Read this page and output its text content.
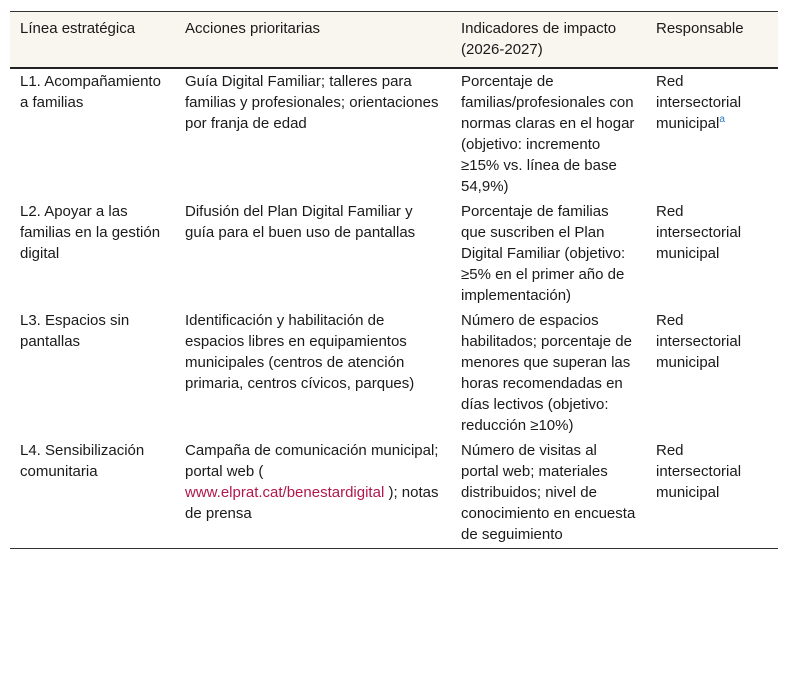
Línea estratégica	Acciones prioritarias	Indicadores de impacto (2026-2027)	Responsable
L1. Acompañamiento a familias	Guía Digital Familiar; talleres para familias y profesionales; orientaciones por franja de edad	Porcentaje de familias/profesionales con normas claras en el hogar (objetivo: incremento ≥15% vs. línea de base 54,9%)	Red intersectorial municipal$^a$
L2. Apoyar a las familias en la gestión digital	Difusión del Plan Digital Familiar y guía para el buen uso de pantallas	Porcentaje de familias que suscriben el Plan Digital Familiar (objetivo: ≥5% en el primer año de implementación)	Red intersectorial municipal
L3. Espacios sin pantallas	Identificación y habilitación de espacios libres en equipamientos municipales (centros de atención primaria, centros cívicos, parques)	Número de espacios habilitados; porcentaje de menores que superan las horas recomendadas en días lectivos (objetivo: reducción ≥10%)	Red intersectorial municipal
L4. Sensibilización comunitaria	Campaña de comunicación municipal; portal web ( www.elprat.cat/benestardigital ); notas de prensa	Número de visitas al portal web; materiales distribuidos; nivel de conocimiento en encuesta de seguimiento	Red intersectorial municipal
